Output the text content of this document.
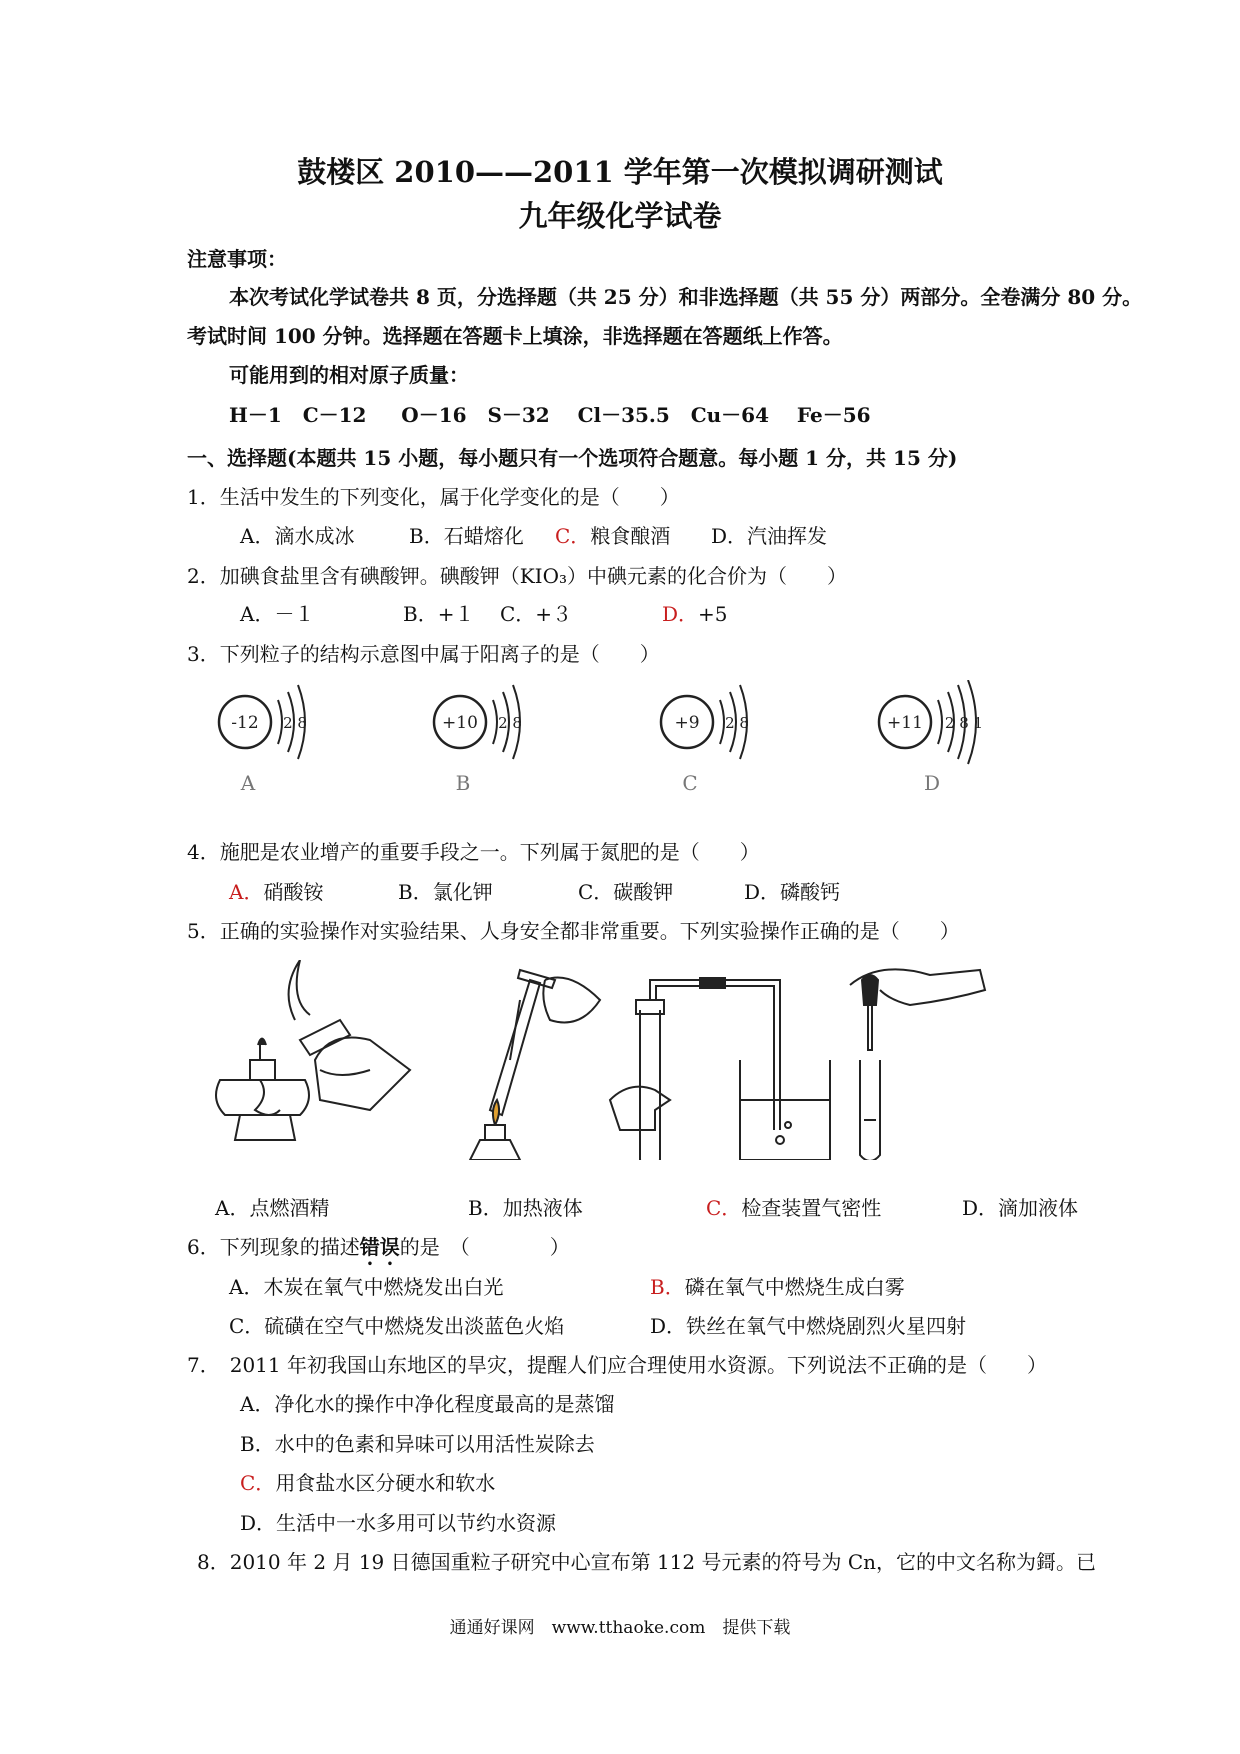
鼓楼区 2010——2011 学年第一次模拟调研测试
九年级化学试卷
注意事项：
本次考试化学试卷共 8 页，分选择题（共 25 分）和非选择题（共 55 分）两部分。全卷满分 80 分。
考试时间 100 分钟。选择题在答题卡上填涂，非选择题在答题纸上作答。
可能用到的相对原子质量：
H－1 C－12 O－16 S－32 Cl－35.5 Cu－64 Fe－56
一、选择题(本题共 15 小题，每小题只有一个选项符合题意。每小题 1 分，共 15 分)
1．生活中发生的下列变化，属于化学变化的是（　　）
A．滴水成冰	B．石蜡熔化 C．粮食酿酒 D．汽油挥发
2．加碘食盐里含有碘酸钾。碘酸钾（KIO₃）中碘元素的化合价为（　　）
A．－１	B．+１ C．+３	D．+5
3．下列粒子的结构示意图中属于阳离子的是（　　）
-12 2 8
A
+10 2 8
B
+9 2 8
C
+11 2 8 1
D
4．施肥是农业增产的重要手段之一。下列属于氮肥的是（　　）
A．硝酸铵	B．氯化钾	C．碳酸钾	D．磷酸钙
5．正确的实验操作对实验结果、人身安全都非常重要。下列实验操作正确的是（　　）
A．点燃酒精	B．加热液体	C．检查装置气密性	D．滴加液体
6．下列现象的描述错误的是　（　　　　）
A．木炭在氧气中燃烧发出白光	B．磷在氧气中燃烧生成白雾
C．硫磺在空气中燃烧发出淡蓝色火焰	D．铁丝在氧气中燃烧剧烈火星四射
7．　2011 年初我国山东地区的旱灾，提醒人们应合理使用水资源。下列说法不正确的是（　　）
A．净化水的操作中净化程度最高的是蒸馏
B．水中的色素和异味可以用活性炭除去
C．用食盐水区分硬水和软水
D．生活中一水多用可以节约水资源
8．2010 年 2 月 19 日德国重粒子研究中心宣布第 112 号元素的符号为 Cn，它的中文名称为鎶。已
通通好课网　www.tthaoke.com　提供下载
